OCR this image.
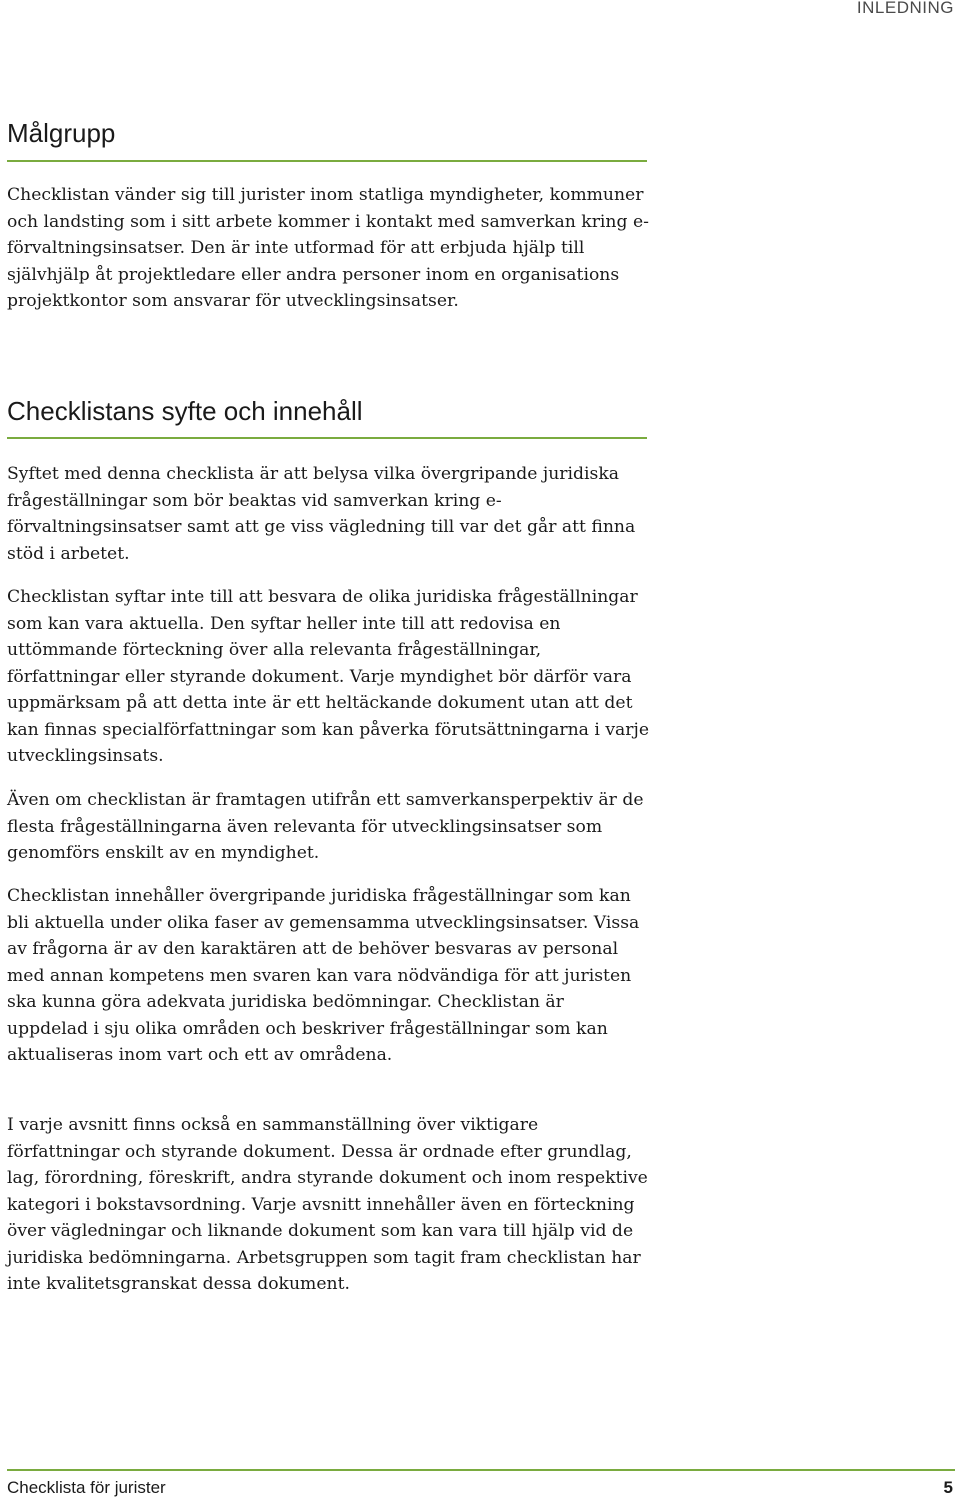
INLEDNING
Målgrupp

Checklistan vänder sig till jurister inom statliga myndigheter, kommuner och landsting som i sitt arbete kommer i kontakt med samverkan kring e-förvaltningsinsatser. Den är inte utformad för att erbjuda hjälp till självhjälp åt projektledare eller andra personer inom en organisations projektkontor som ansvarar för utvecklingsinsatser.

Checklistans syfte och innehåll

Syftet med denna checklista är att belysa vilka övergripande juridiska frågeställningar som bör beaktas vid samverkan kring e-förvaltningsinsatser samt att ge viss vägledning till var det går att finna stöd i arbetet.

Checklistan syftar inte till att besvara de olika juridiska frågeställningar som kan vara aktuella. Den syftar heller inte till att redovisa en uttömmande förteckning över alla relevanta frågeställningar, författningar eller styrande dokument. Varje myndighet bör därför vara uppmärksam på att detta inte är ett heltäckande dokument utan att det kan finnas specialförfattningar som kan påverka förutsättningarna i varje utvecklingsinsats.

Även om checklistan är framtagen utifrån ett samverkansperpektiv är de flesta frågeställningarna även relevanta för utvecklingsinsatser som genomförs enskilt av en myndighet.

Checklistan innehåller övergripande juridiska frågeställningar som kan bli aktuella under olika faser av gemensamma utvecklingsinsatser. Vissa av frågorna är av den karaktären att de behöver besvaras av personal med annan kompetens men svaren kan vara nödvändiga för att juristen ska kunna göra adekvata juridiska bedömningar. Checklistan är uppdelad i sju olika områden och beskriver frågeställningar som kan aktualiseras inom vart och ett av områdena.

I varje avsnitt finns också en sammanställning över viktigare författningar och styrande dokument. Dessa är ordnade efter grundlag, lag, förordning, föreskrift, andra styrande dokument och inom respektive kategori i bokstavsordning. Varje avsnitt innehåller även en förteckning över vägledningar och liknande dokument som kan vara till hjälp vid de juridiska bedömningarna. Arbetsgruppen som tagit fram checklistan har inte kvalitetsgranskat dessa dokument.

Checklista för jurister	5
